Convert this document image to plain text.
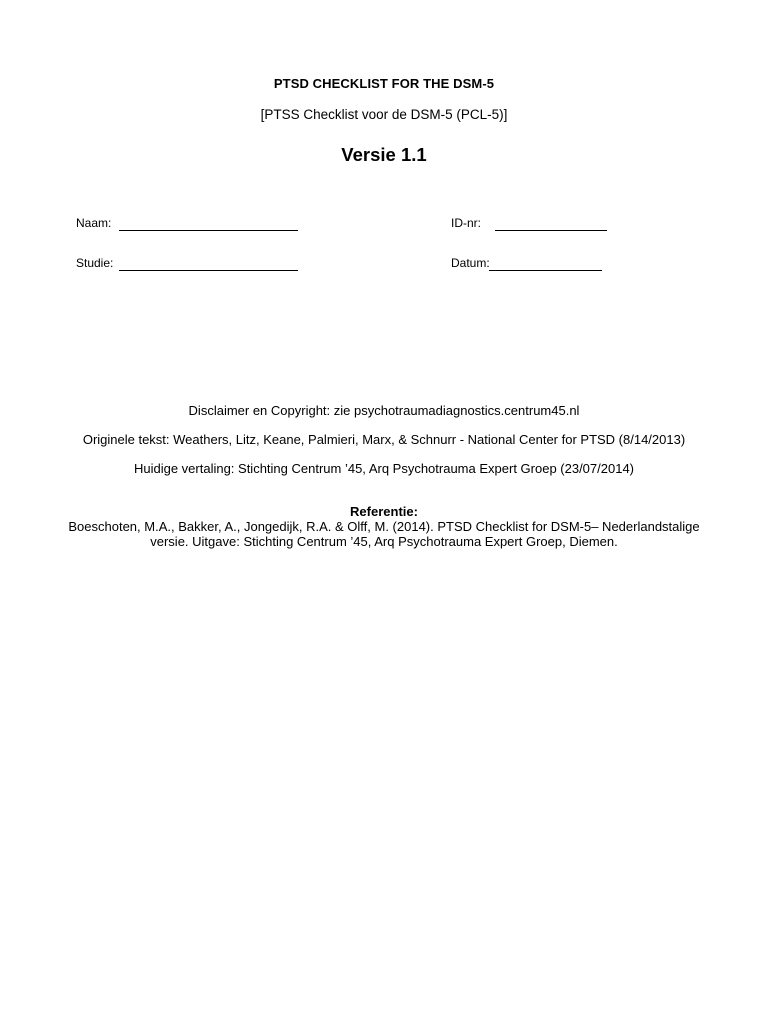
PTSD CHECKLIST FOR THE DSM-5
[PTSS Checklist voor de DSM-5 (PCL-5)]
Versie 1.1
Naam:	ID-nr:
Studie:	Datum:
Disclaimer en Copyright: zie psychotraumadiagnostics.centrum45.nl
Originele tekst: Weathers, Litz, Keane, Palmieri, Marx, & Schnurr - National Center for PTSD (8/14/2013)
Huidige vertaling: Stichting Centrum ’45, Arq Psychotrauma Expert Groep (23/07/2014)
Referentie:
Boeschoten, M.A., Bakker, A., Jongedijk, R.A. & Olff, M. (2014). PTSD Checklist for DSM-5– Nederlandstalige
versie. Uitgave: Stichting Centrum ’45, Arq Psychotrauma Expert Groep, Diemen.
